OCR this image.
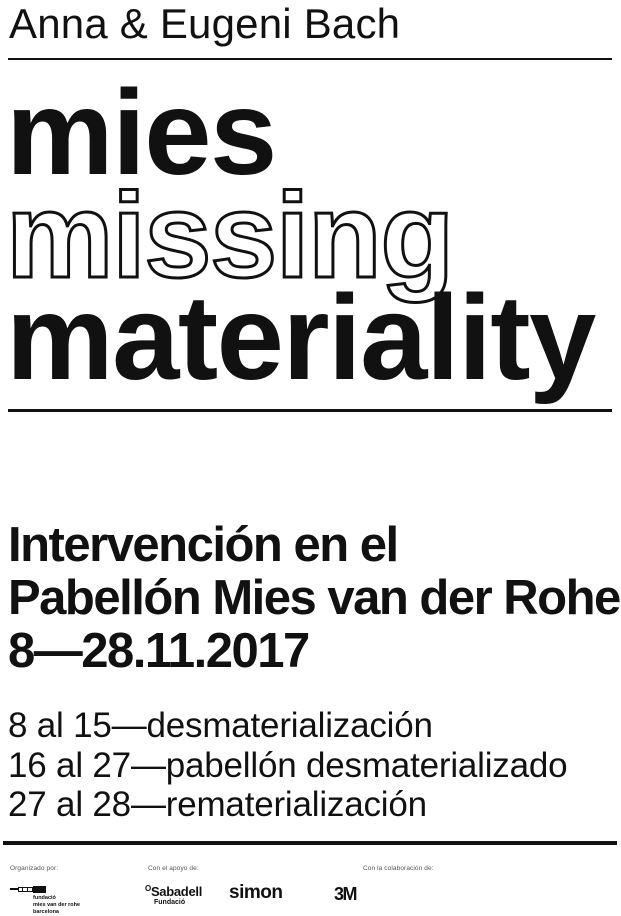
Anna & Eugeni Bach
mies
missing
materiality
Intervención en el
Pabellón Mies van der Rohe
8—28.11.2017
8 al 15—desmaterialización
16 al 27—pabellón desmaterializado
27 al 28—rematerialización
Organizado por:	Con el apoyo de:	Con la colaboración de:
fundació
mies van der rohe
barcelona
$^O$Sabadell
Fundació	simon	3M
